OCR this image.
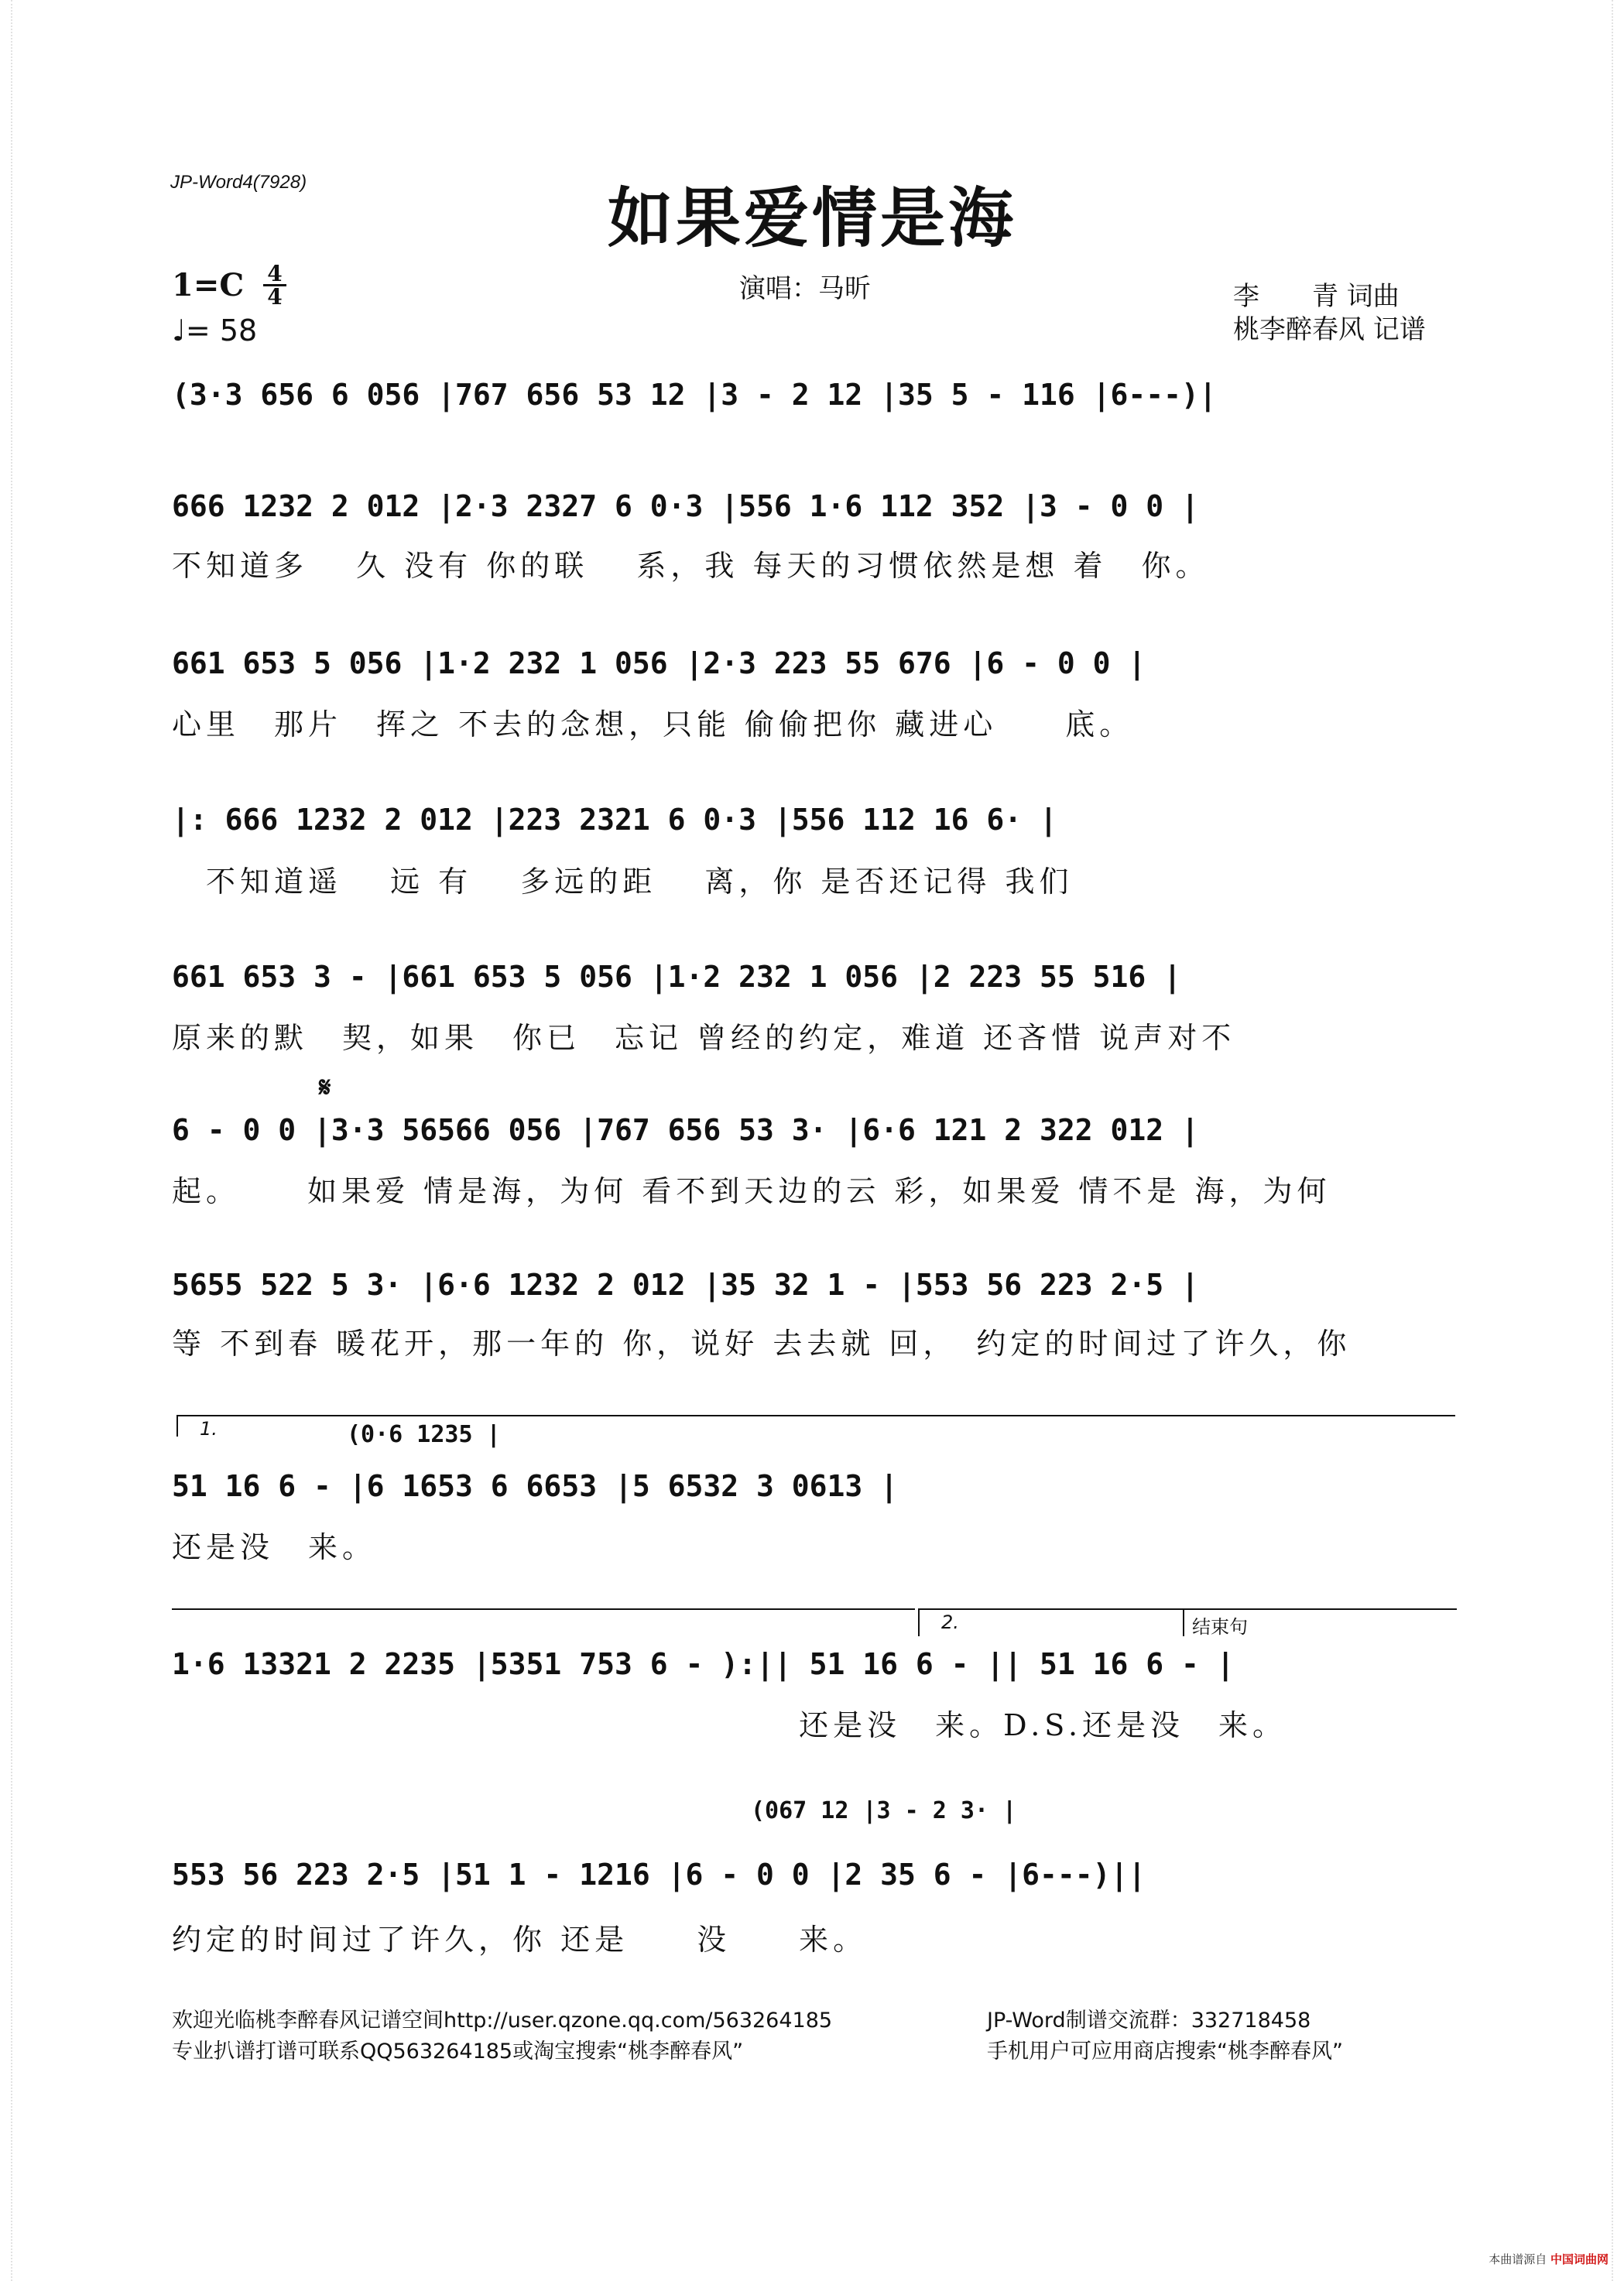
JP-Word4(7928)	如果爱情是海
1=C 4
4
♩= 58
演唱：马昕	李　　青 词曲
桃李醉春风 记谱
(3·3 656 6 056 |767 656 53 12 |3 - 2 12 |35 5 - 116 |6---)|
666 1232 2 012 |2·3 2327 6 0·3 |556 1·6 112 352 |3 - 0 0 |
不知道多　 久 没有 你的联　 系，我 每天的习惯依然是想 着　你。
661 653 5 056 |1·2 232 1 056 |2·3 223 55 676 |6 - 0 0 |
心里　那片　挥之 不去的念想，只能 偷偷把你 藏进心　　底。
|: 666 1232 2 012 |223 2321 6 0·3 |556 112 16 6· |
　不知道遥　 远 有　 多远的距　 离，你 是否还记得 我们
661 653 3 - |661 653 5 056 |1·2 232 1 056 |2 223 55 516 |
原来的默　契，如果　你已　忘记 曾经的约定，难道 还吝惜 说声对不
𝄋
6 - 0 0 |3·3 56566 056 |767 656 53 3· |6·6 121 2 322 012 |
起。　　 如果爱 情是海，为何 看不到天边的云 彩，如果爱 情不是 海，为何
5655 522 5 3· |6·6 1232 2 012 |35 32 1 - |553 56 223 2·5 |
等 不到春 暖花开，那一年的 你，说好 去去就 回，　约定的时间过了许久，你
1.	(0·6 1235 |
51 16 6 - |6 1653 6 6653 |5 6532 3 0613 |
还是没　来。
2.	结束句
1·6 13321 2 2235 |5351 753 6 - ):|| 51 16 6 - || 51 16 6 - |
　　　　　　　　　　　　　　　　　　 还是没　来。D.S.还是没　来。
(067 12 |3 - 2 3· |
553 56 223 2·5 |51 1 - 1216 |6 - 0 0 |2 35 6 - |6---)||
约定的时间过了许久，你 还是　　没　　来。
欢迎光临桃李醉春风记谱空间http://user.qzone.qq.com/563264185	JP-Word制谱交流群：332718458
专业扒谱打谱可联系QQ563264185或淘宝搜索“桃李醉春风”	手机用户可应用商店搜索“桃李醉春风”
本曲谱源自 中国词曲网
